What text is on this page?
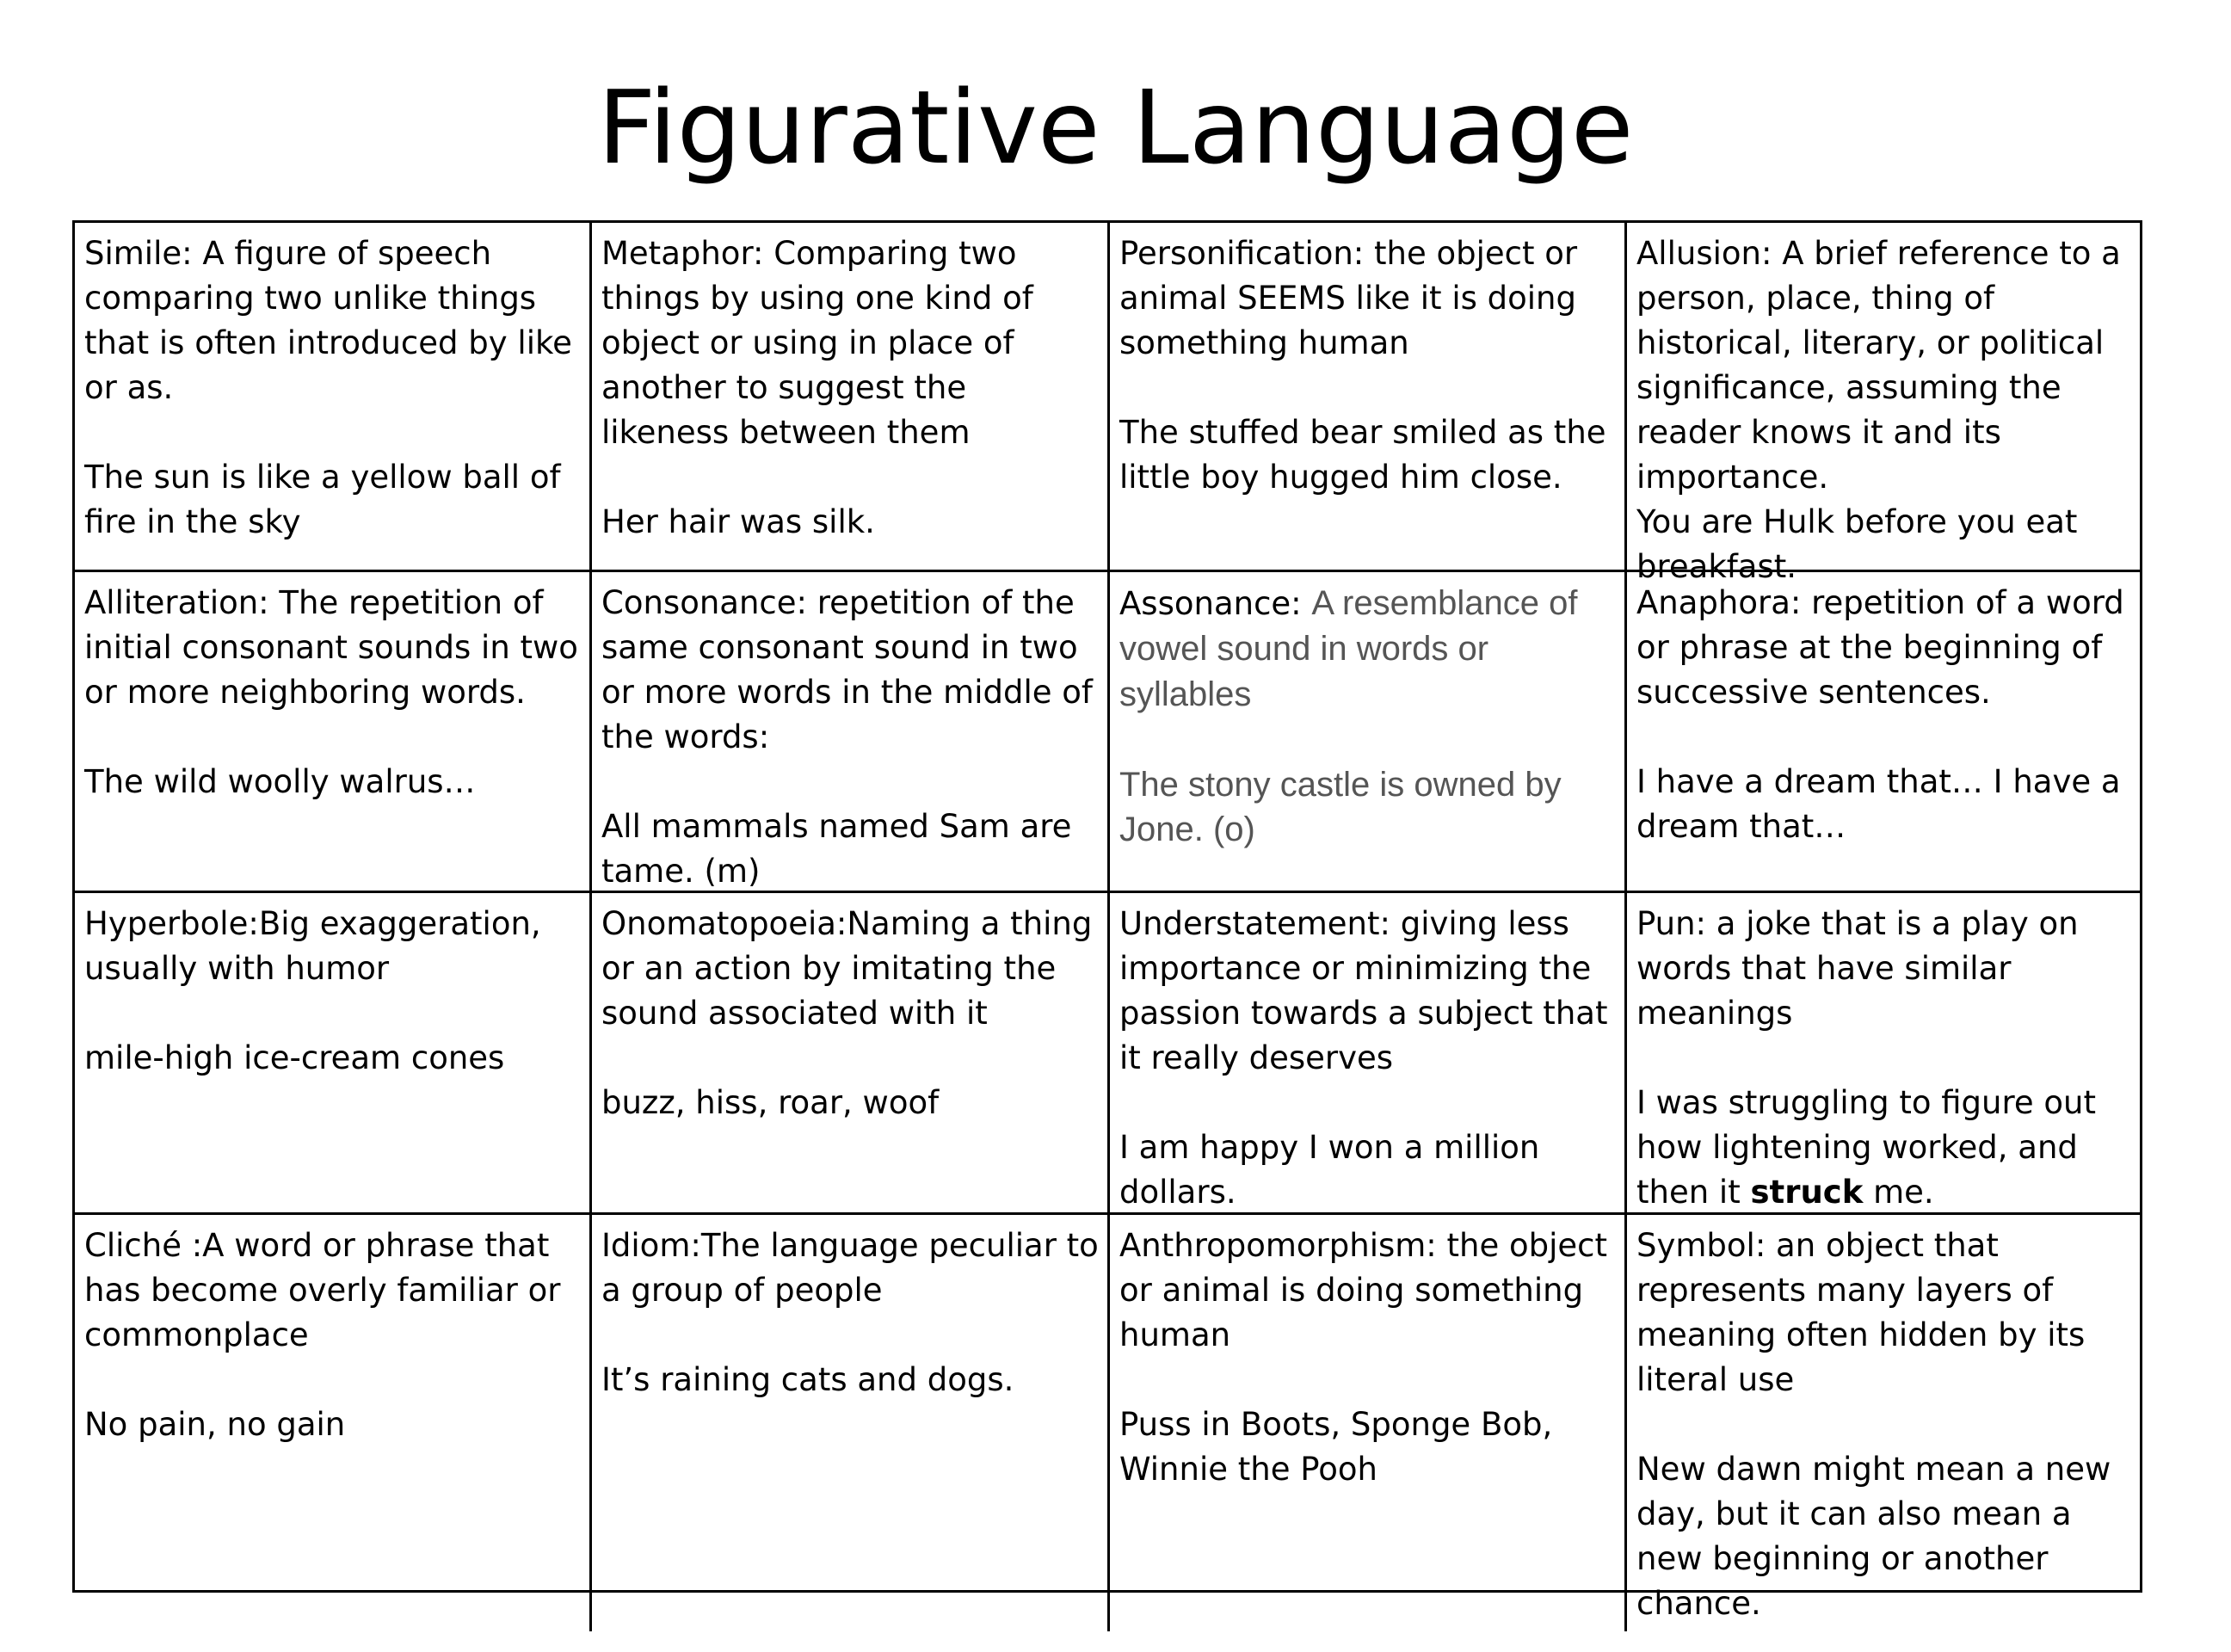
Figurative Language

Simile: A figure of speech comparing two unlike things that is often introduced by like or as.

The sun is like a yellow ball of fire in the sky

Metaphor: Comparing two things by using one kind of object or using in place of another to suggest the likeness between them

Her hair was silk.

Personification: the object or animal SEEMS like it is doing something human

The stuffed bear smiled as the little boy hugged him close.

Allusion: A brief reference to a person, place, thing of historical, literary, or political significance, assuming the reader knows it and its importance.

You are Hulk before you eat breakfast.

Alliteration: The repetition of initial consonant sounds in two or more neighboring words.

The wild woolly walrus…

Consonance: repetition of the same consonant sound in two or more words in the middle of the words:

All mammals named Sam are tame. (m)

Assonance: A resemblance of vowel sound in words or syllables

The stony castle is owned by Jone. (o)

Anaphora: repetition of a word or phrase at the beginning of successive sentences.

I have a dream that… I have a dream that…

Hyperbole:Big exaggeration, usually with humor

mile-high ice-cream cones

Onomatopoeia:Naming a thing or an action by imitating the sound associated with it

buzz, hiss, roar, woof

Understatement: giving less importance or minimizing the passion towards a subject that it really deserves

I am happy I won a million dollars.

Pun: a joke that is a play on words that have similar meanings

I was struggling to figure out how lightening worked, and then it struck me.

Cliché :A word or phrase that has become overly familiar or commonplace

No pain, no gain

Idiom:The language peculiar to a group of people

It’s raining cats and dogs.

Anthropomorphism: the object or animal is doing something human

Puss in Boots, Sponge Bob, Winnie the Pooh

Symbol: an object that represents many layers of meaning often hidden by its literal use

New dawn might mean a new day, but it can also mean a new beginning or another chance.
